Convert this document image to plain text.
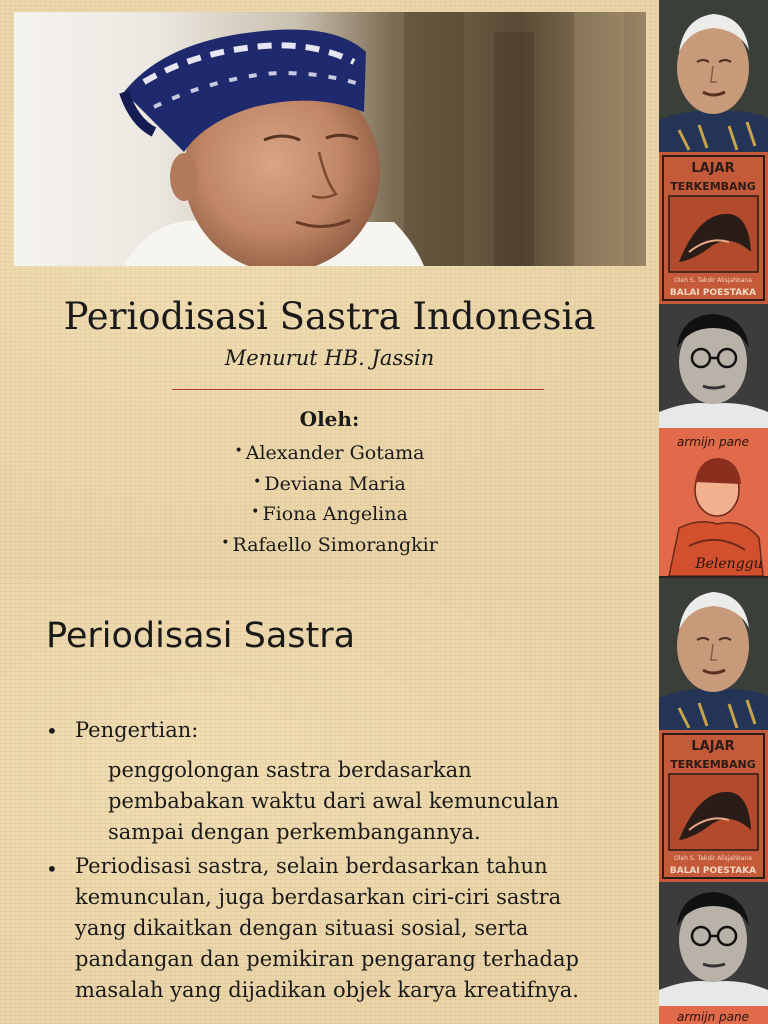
Periodisasi Sastra Indonesia
Menurut HB. Jassin
Oleh:
• Alexander Gotama
• Deviana Maria
• Fiona Angelina
• Rafaello Simorangkir
Periodisasi Sastra
• Pengertian:
penggolongan sastra berdasarkan
pembabakan waktu dari awal kemunculan
sampai dengan perkembangannya.
• Periodisasi sastra, selain berdasarkan tahun
kemunculan, juga berdasarkan ciri-ciri sastra
yang dikaitkan dengan situasi sosial, serta
pandangan dan pemikiran pengarang terhadap
masalah yang dijadikan objek karya kreatifnya.
LAJAR
TERKEMBANG
Oleh S. Takdir Alisjahbana
BALAI POESTAKA
armijn pane
Belenggu
LAJAR
TERKEMBANG
Oleh S. Takdir Alisjahbana
BALAI POESTAKA
armijn pane
